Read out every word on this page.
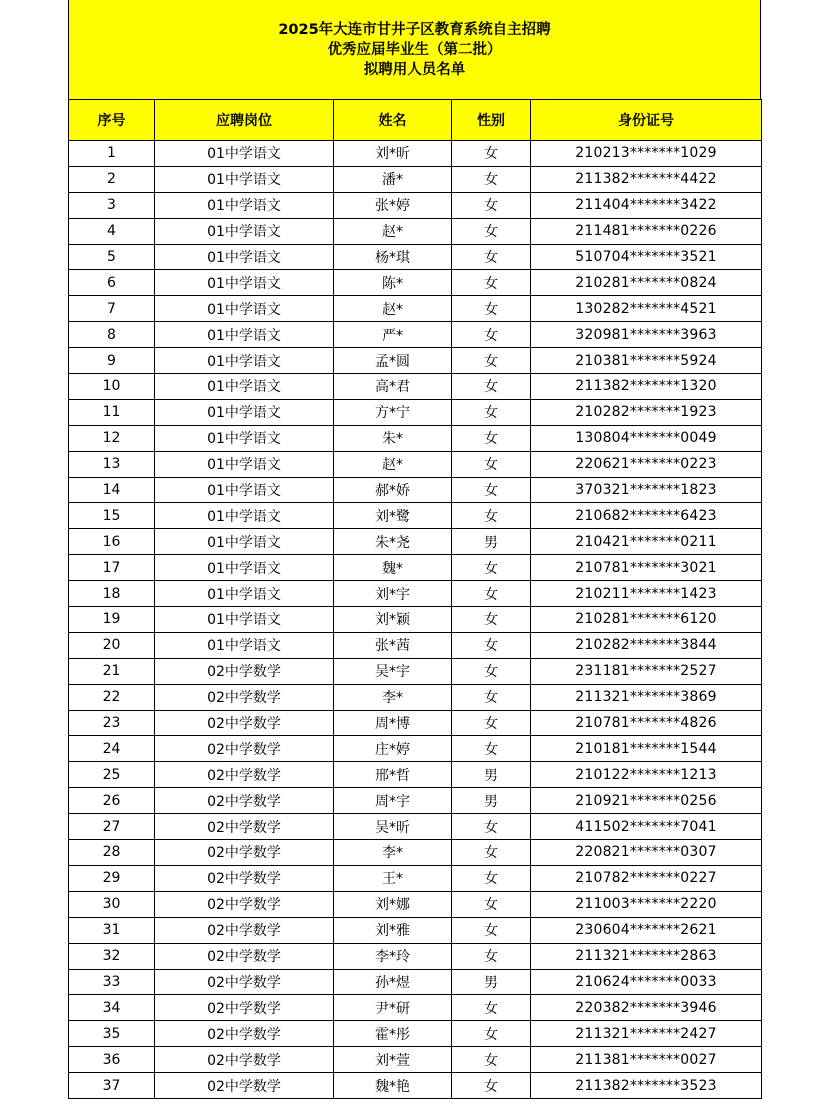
2025年大连市甘井子区教育系统自主招聘
优秀应届毕业生（第二批）
拟聘用人员名单
序号	应聘岗位	姓名	性别	身份证号
1	01中学语文	刘*昕	女	210213*******1029
2	01中学语文	潘*	女	211382*******4422
3	01中学语文	张*婷	女	211404*******3422
4	01中学语文	赵*	女	211481*******0226
5	01中学语文	杨*琪	女	510704*******3521
6	01中学语文	陈*	女	210281*******0824
7	01中学语文	赵*	女	130282*******4521
8	01中学语文	严*	女	320981*******3963
9	01中学语文	孟*圆	女	210381*******5924
10	01中学语文	高*君	女	211382*******1320
11	01中学语文	方*宁	女	210282*******1923
12	01中学语文	朱*	女	130804*******0049
13	01中学语文	赵*	女	220621*******0223
14	01中学语文	郝*娇	女	370321*******1823
15	01中学语文	刘*鹭	女	210682*******6423
16	01中学语文	朱*尧	男	210421*******0211
17	01中学语文	魏*	女	210781*******3021
18	01中学语文	刘*宇	女	210211*******1423
19	01中学语文	刘*颖	女	210281*******6120
20	01中学语文	张*茜	女	210282*******3844
21	02中学数学	吴*宇	女	231181*******2527
22	02中学数学	李*	女	211321*******3869
23	02中学数学	周*博	女	210781*******4826
24	02中学数学	庄*婷	女	210181*******1544
25	02中学数学	邢*哲	男	210122*******1213
26	02中学数学	周*宇	男	210921*******0256
27	02中学数学	吴*昕	女	411502*******7041
28	02中学数学	李*	女	220821*******0307
29	02中学数学	王*	女	210782*******0227
30	02中学数学	刘*娜	女	211003*******2220
31	02中学数学	刘*雅	女	230604*******2621
32	02中学数学	李*玲	女	211321*******2863
33	02中学数学	孙*煜	男	210624*******0033
34	02中学数学	尹*研	女	220382*******3946
35	02中学数学	霍*彤	女	211321*******2427
36	02中学数学	刘*萱	女	211381*******0027
37	02中学数学	魏*艳	女	211382*******3523
